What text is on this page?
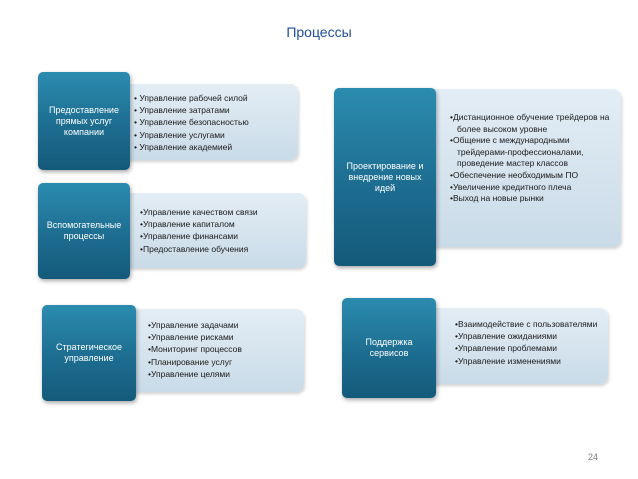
Процессы
Предоставление прямых услуг компании
• Управление рабочей силой
• Управление затратами
• Управление безопасностью
• Управление услугами
• Управление академией
Вспомогательные процессы
• Управление качеством связи
• Управление капиталом
• Управление финансами
• Предоставление обучения
Стратегическое управление
• Управление задачами
• Управление рисками
• Мониторинг процессов
• Планирование услуг
• Управление целями
Проектирование и внедрение новых идей
• Дистанционное обучение трейдеров на более высоком уровне
• Общение с международными трейдерами-профессионалами, проведение мастер классов
• Обеспечение необходимым ПО
• Увеличение кредитного плеча
• Выход на новые рынки
Поддержка сервисов
• Взаимодействие с пользователями
• Управление ожиданиями
• Управление проблемами
• Управление изменениями
24
